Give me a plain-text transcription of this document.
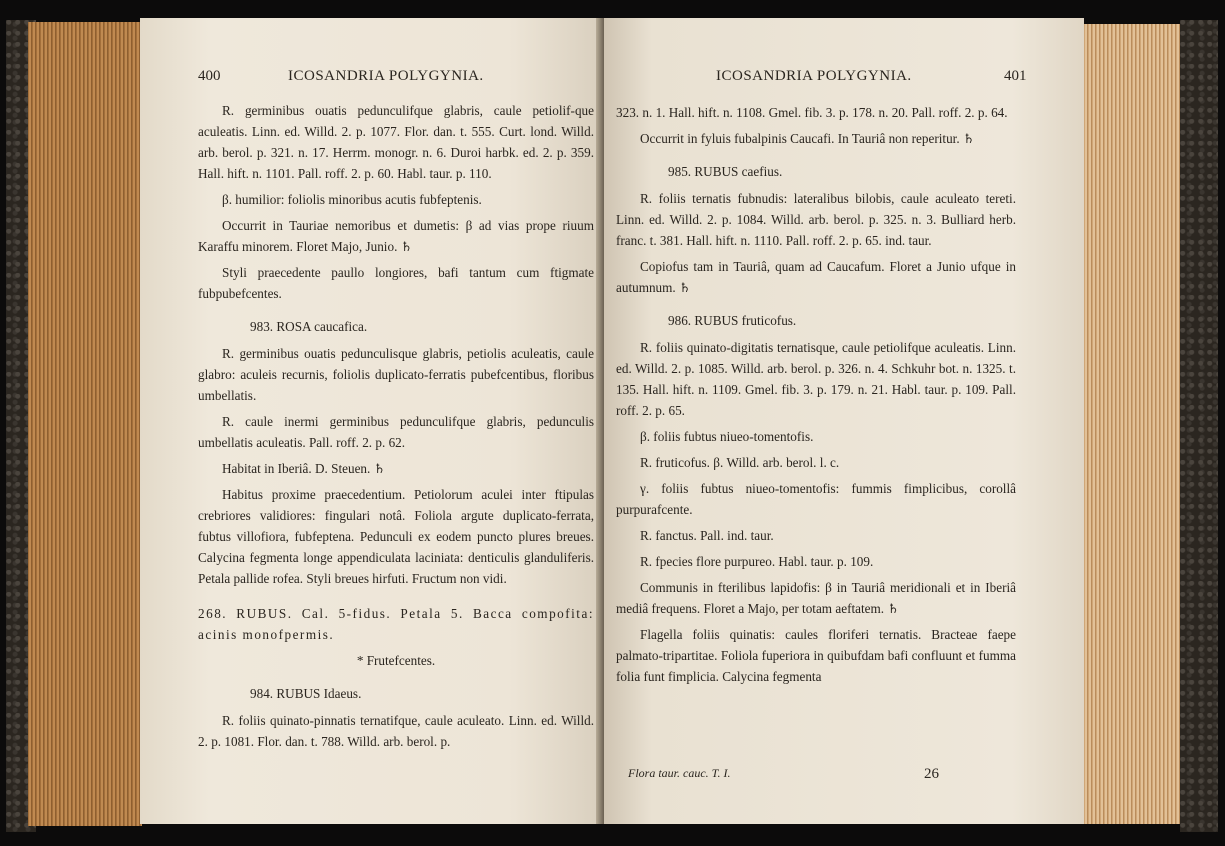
400	ICOSANDRIA POLYGYNIA.

R. germinibus ouatis pedunculifque glabris, caule petiolif-que aculeatis. Linn. ed. Willd. 2. p. 1077. Flor. dan. t. 555. Curt. lond. Willd. arb. berol. p. 321. n. 17. Herrm. monogr. n. 6. Duroi harbk. ed. 2. p. 359. Hall. hift. n. 1101. Pall. roff. 2. p. 60. Habl. taur. p. 110.

β. humilior: foliolis minoribus acutis fubfeptenis.

Occurrit in Tauriae nemoribus et dumetis: β ad vias prope riuum Karaffu minorem. Floret Majo, Junio. ♄

Styli praecedente paullo longiores, bafi tantum cum ftigmate fubpubefcentes.

983. ROSA caucafica.

R. germinibus ouatis pedunculisque glabris, petiolis aculeatis, caule glabro: aculeis recurnis, foliolis duplicato-ferratis pubefcentibus, floribus umbellatis.

R. caule inermi germinibus pedunculifque glabris, pedunculis umbellatis aculeatis. Pall. roff. 2. p. 62.

Habitat in Iberiâ. D. Steuen. ♄

Habitus proxime praecedentium. Petiolorum aculei inter ftipulas crebriores validiores: fingulari notâ. Foliola argute duplicato-ferrata, fubtus villofiora, fubfeptena. Pedunculi ex eodem puncto plures breues. Calycina fegmenta longe appendiculata laciniata: denticulis glanduliferis. Petala pallide rofea. Styli breues hirfuti. Fructum non vidi.

268. RUBUS. Cal. 5-fidus. Petala 5. Bacca compofita: acinis monofpermis.

* Frutefcentes.

984. RUBUS Idaeus.

R. foliis quinato-pinnatis ternatifque, caule aculeato. Linn. ed. Willd. 2. p. 1081. Flor. dan. t. 788. Willd. arb. berol. p.

ICOSANDRIA POLYGYNIA.	401

323. n. 1. Hall. hift. n. 1108. Gmel. fib. 3. p. 178. n. 20. Pall. roff. 2. p. 64.

Occurrit in fyluis fubalpinis Caucafi. In Tauriâ non reperitur. ♄

985. RUBUS caefius.

R. foliis ternatis fubnudis: lateralibus bilobis, caule aculeato tereti. Linn. ed. Willd. 2. p. 1084. Willd. arb. berol. p. 325. n. 3. Bulliard herb. franc. t. 381. Hall. hift. n. 1110. Pall. roff. 2. p. 65. ind. taur.

Copiofus tam in Tauriâ, quam ad Caucafum. Floret a Junio ufque in autumnum. ♄

986. RUBUS fruticofus.

R. foliis quinato-digitatis ternatisque, caule petiolifque aculeatis. Linn. ed. Willd. 2. p. 1085. Willd. arb. berol. p. 326. n. 4. Schkuhr bot. n. 1325. t. 135. Hall. hift. n. 1109. Gmel. fib. 3. p. 179. n. 21. Habl. taur. p. 109. Pall. roff. 2. p. 65.

β. foliis fubtus niueo-tomentofis.

R. fruticofus. β. Willd. arb. berol. l. c.

γ. foliis fubtus niueo-tomentofis: fummis fimplicibus, corollâ purpurafcente.

R. fanctus. Pall. ind. taur.

R. fpecies flore purpureo. Habl. taur. p. 109.

Communis in fterilibus lapidofis: β in Tauriâ meridionali et in Iberiâ mediâ frequens. Floret a Majo, per totam aeftatem. ♄

Flagella foliis quinatis: caules floriferi ternatis. Bracteae faepe palmato-tripartitae. Foliola fuperiora in quibufdam bafi confluunt et fumma folia funt fimplicia. Calycina fegmenta

Flora taur. cauc. T. I.	26
